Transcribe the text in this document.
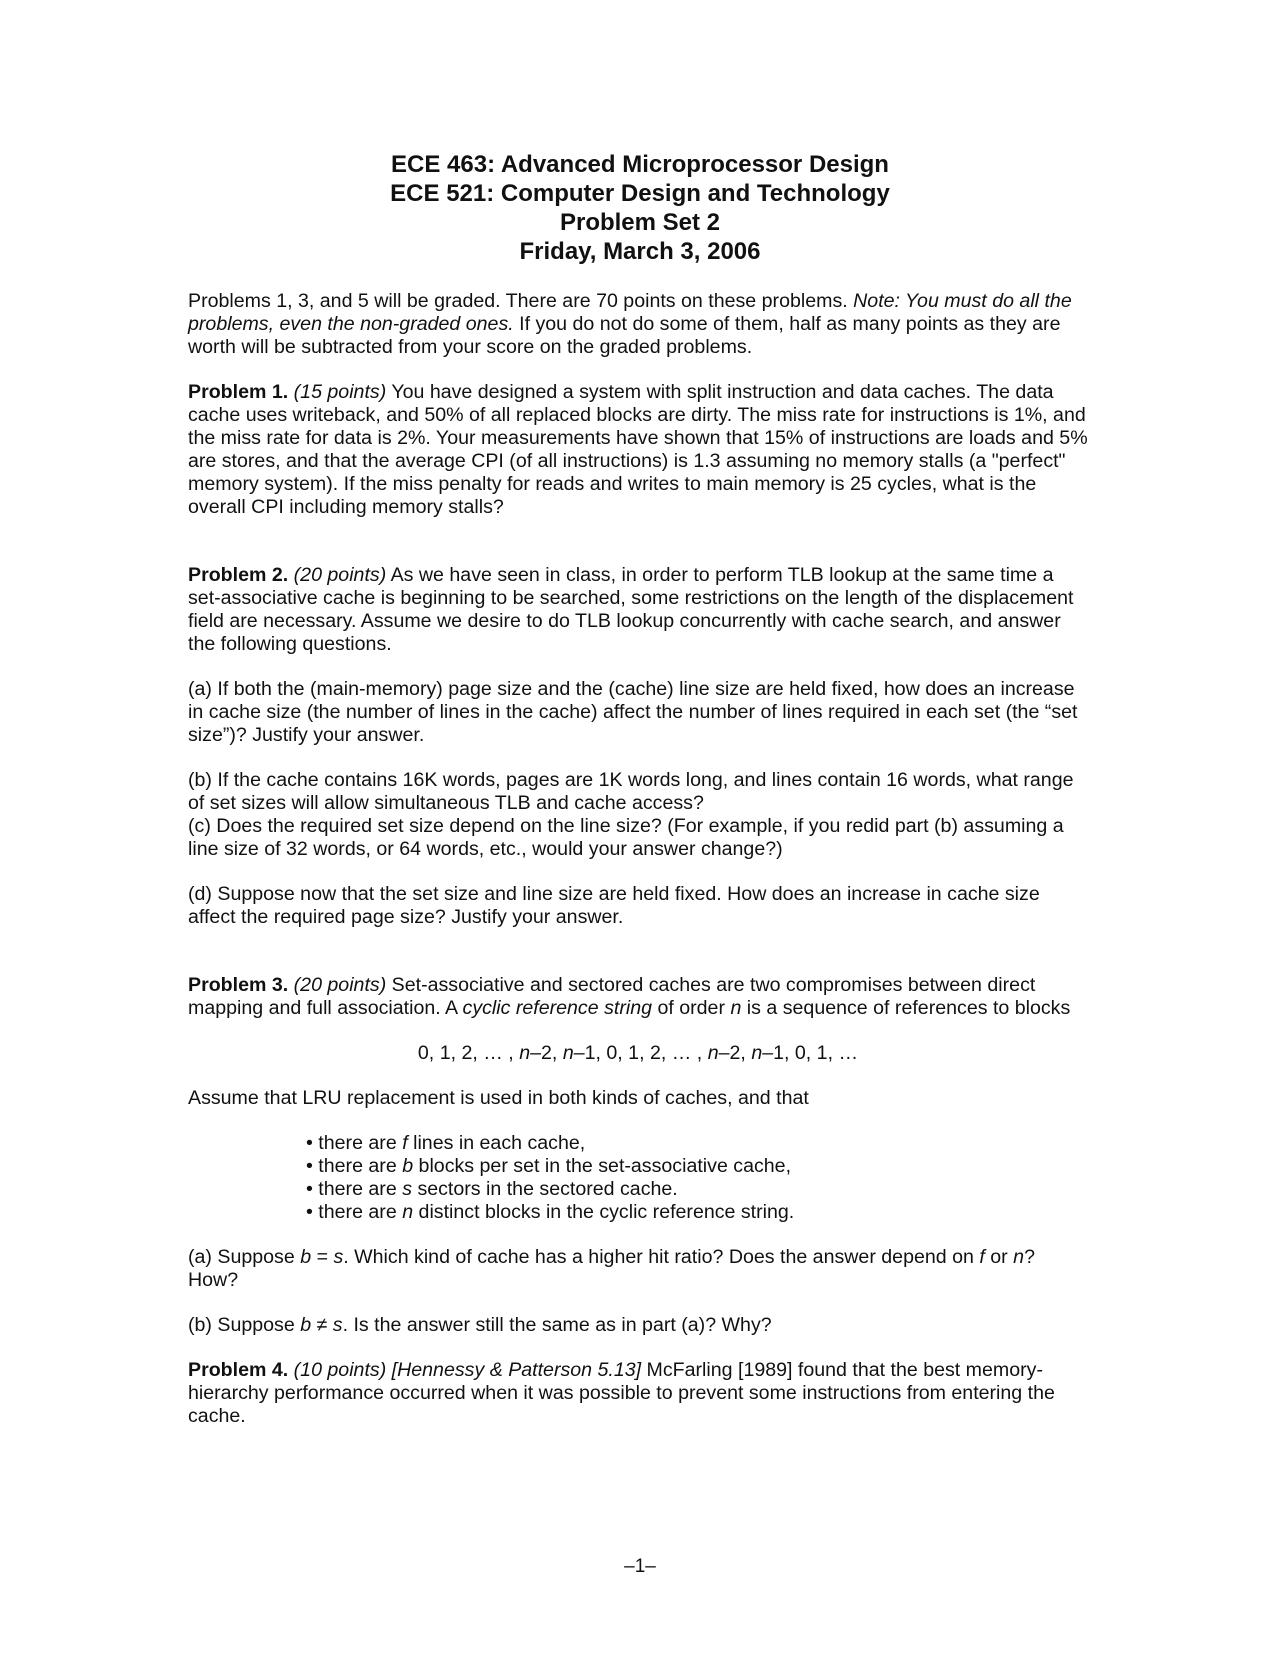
ECE 463: Advanced Microprocessor Design
ECE 521: Computer Design and Technology
Problem Set 2
Friday, March 3, 2006

Problems 1, 3, and 5 will be graded. There are 70 points on these problems. Note: You must do all the problems, even the non-graded ones. If you do not do some of them, half as many points as they are worth will be subtracted from your score on the graded problems.

Problem 1. (15 points) You have designed a system with split instruction and data caches. The data cache uses writeback, and 50% of all replaced blocks are dirty. The miss rate for instructions is 1%, and the miss rate for data is 2%. Your measurements have shown that 15% of instructions are loads and 5% are stores, and that the average CPI (of all instructions) is 1.3 assuming no memory stalls (a "perfect" memory system). If the miss penalty for reads and writes to main memory is 25 cycles, what is the overall CPI including memory stalls?

Problem 2. (20 points) As we have seen in class, in order to perform TLB lookup at the same time a set-associative cache is beginning to be searched, some restrictions on the length of the displacement field are necessary. Assume we desire to do TLB lookup concurrently with cache search, and answer the following questions.

(a) If both the (main-memory) page size and the (cache) line size are held fixed, how does an increase in cache size (the number of lines in the cache) affect the number of lines required in each set (the “set size”)? Justify your answer.

(b) If the cache contains 16K words, pages are 1K words long, and lines contain 16 words, what range of set sizes will allow simultaneous TLB and cache access?

(c) Does the required set size depend on the line size? (For example, if you redid part (b) assuming a line size of 32 words, or 64 words, etc., would your answer change?)

(d) Suppose now that the set size and line size are held fixed. How does an increase in cache size affect the required page size? Justify your answer.

Problem 3. (20 points) Set-associative and sectored caches are two compromises between direct mapping and full association. A cyclic reference string of order n is a sequence of references to blocks

0, 1, 2, … , n–2, n–1, 0, 1, 2, … , n–2, n–1, 0, 1, …

Assume that LRU replacement is used in both kinds of caches, and that

• there are f lines in each cache,
• there are b blocks per set in the set-associative cache,
• there are s sectors in the sectored cache.
• there are n distinct blocks in the cyclic reference string.

(a) Suppose b = s. Which kind of cache has a higher hit ratio? Does the answer depend on f or n? How?

(b) Suppose b ≠ s. Is the answer still the same as in part (a)? Why?

Problem 4. (10 points) [Hennessy & Patterson 5.13] McFarling [1989] found that the best memory-hierarchy performance occurred when it was possible to prevent some instructions from entering the cache.

–1–
